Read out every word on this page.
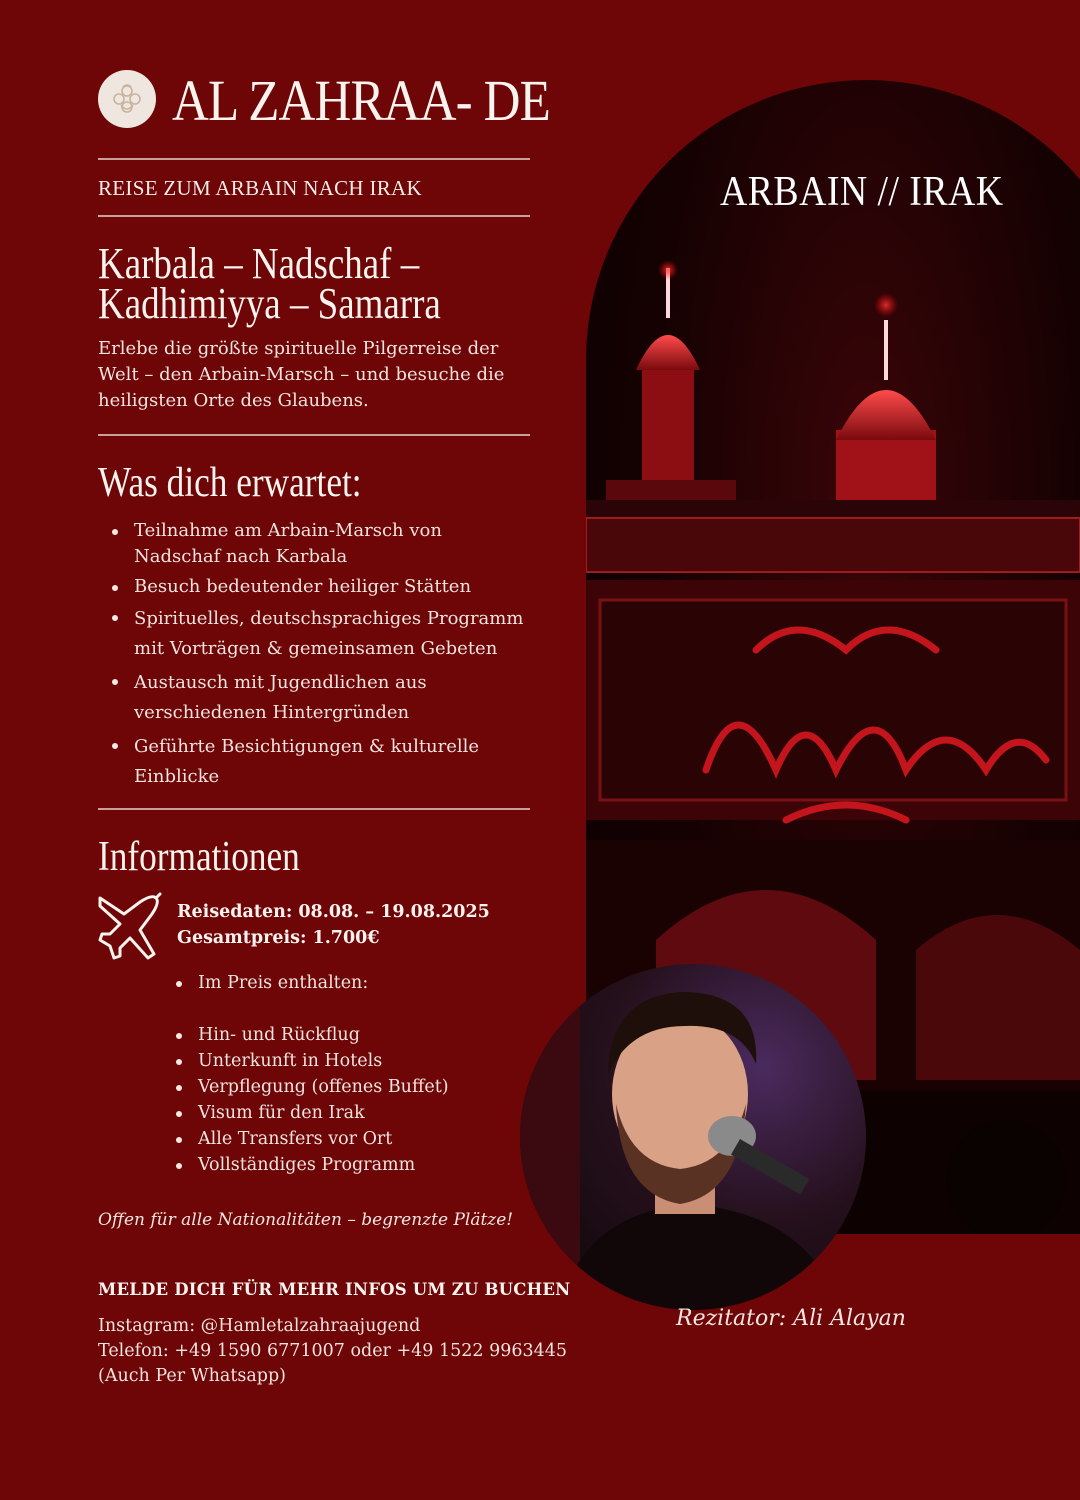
AL ZAHRAA- DE
REISE ZUM ARBAIN NACH IRAK
Karbala – Nadschaf –
Kadhimiyya – Samarra
Erlebe die größte spirituelle Pilgerreise der Welt – den Arbain-Marsch – und besuche die heiligsten Orte des Glaubens.
Was dich erwartet:
Teilnahme am Arbain-Marsch von Nadschaf nach Karbala
Besuch bedeutender heiliger Stätten
Spirituelles, deutschsprachiges Programm mit Vorträgen & gemeinsamen Gebeten
Austausch mit Jugendlichen aus verschiedenen Hintergründen
Geführte Besichtigungen & kulturelle Einblicke
Informationen
Reisedaten: 08.08. – 19.08.2025
Gesamtpreis: 1.700€
Im Preis enthalten:
Hin- und Rückflug
Unterkunft in Hotels
Verpflegung (offenes Buffet)
Visum für den Irak
Alle Transfers vor Ort
Vollständiges Programm
Offen für alle Nationalitäten – begrenzte Plätze!
MELDE DICH FÜR MEHR INFOS UM ZU BUCHEN
Instagram: @Hamletalzahraajugend
Telefon: +49 1590 6771007 oder +49 1522 9963445
(Auch Per Whatsapp)
ARBAIN // IRAK
Rezitator: Ali Alayan
